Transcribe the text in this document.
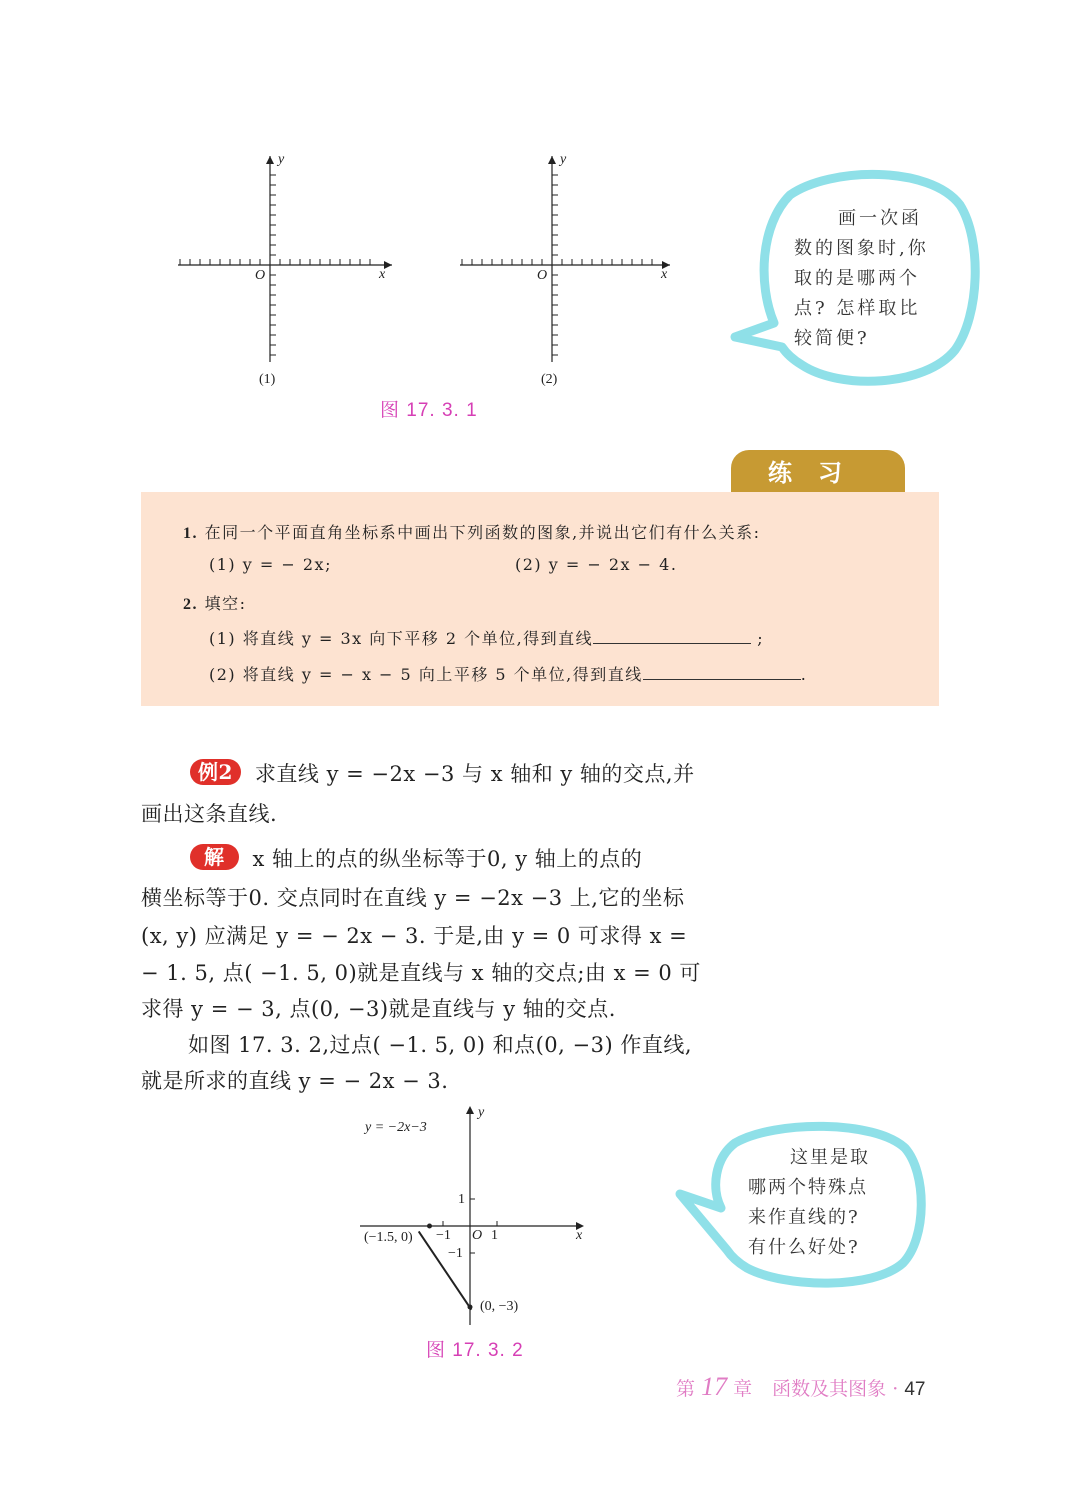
y
x
O
(1)
y
x
O
(2)
图 17. 3. 1
画一次函
数的图象时,你
取的是哪两个
点? 怎样取比
较简便?
练习
1. 在同一个平面直角坐标系中画出下列函数的图象,并说出它们有什么关系:
(1) y = − 2x;	(2) y = − 2x − 4.
2. 填空:
(1) 将直线 y = 3x 向下平移 2 个单位,得到直线	;
(2) 将直线 y = − x − 5 向上平移 5 个单位,得到直线	.
例2 求直线 y = −2x −3 与 x 轴和 y 轴的交点,并
画出这条直线.
解 x 轴上的点的纵坐标等于0, y 轴上的点的
横坐标等于0. 交点同时在直线 y = −2x −3 上,它的坐标
(x, y) 应满足 y = − 2x − 3. 于是,由 y = 0 可求得 x =
− 1. 5, 点( −1. 5, 0)就是直线与 x 轴的交点;由 x = 0 可
求得 y = − 3, 点(0, −3)就是直线与 y 轴的交点.
如图 17. 3. 2,过点( −1. 5, 0) 和点(0, −3) 作直线,
就是所求的直线 y = − 2x − 3.
y = −2x−3
y
x
O
−1	1
1
−1
(−1.5, 0)
(0, −3)
图 17. 3. 2
这里是取
哪两个特殊点
来作直线的?
有什么好处?
第 17 章 函数及其图象 · 47
